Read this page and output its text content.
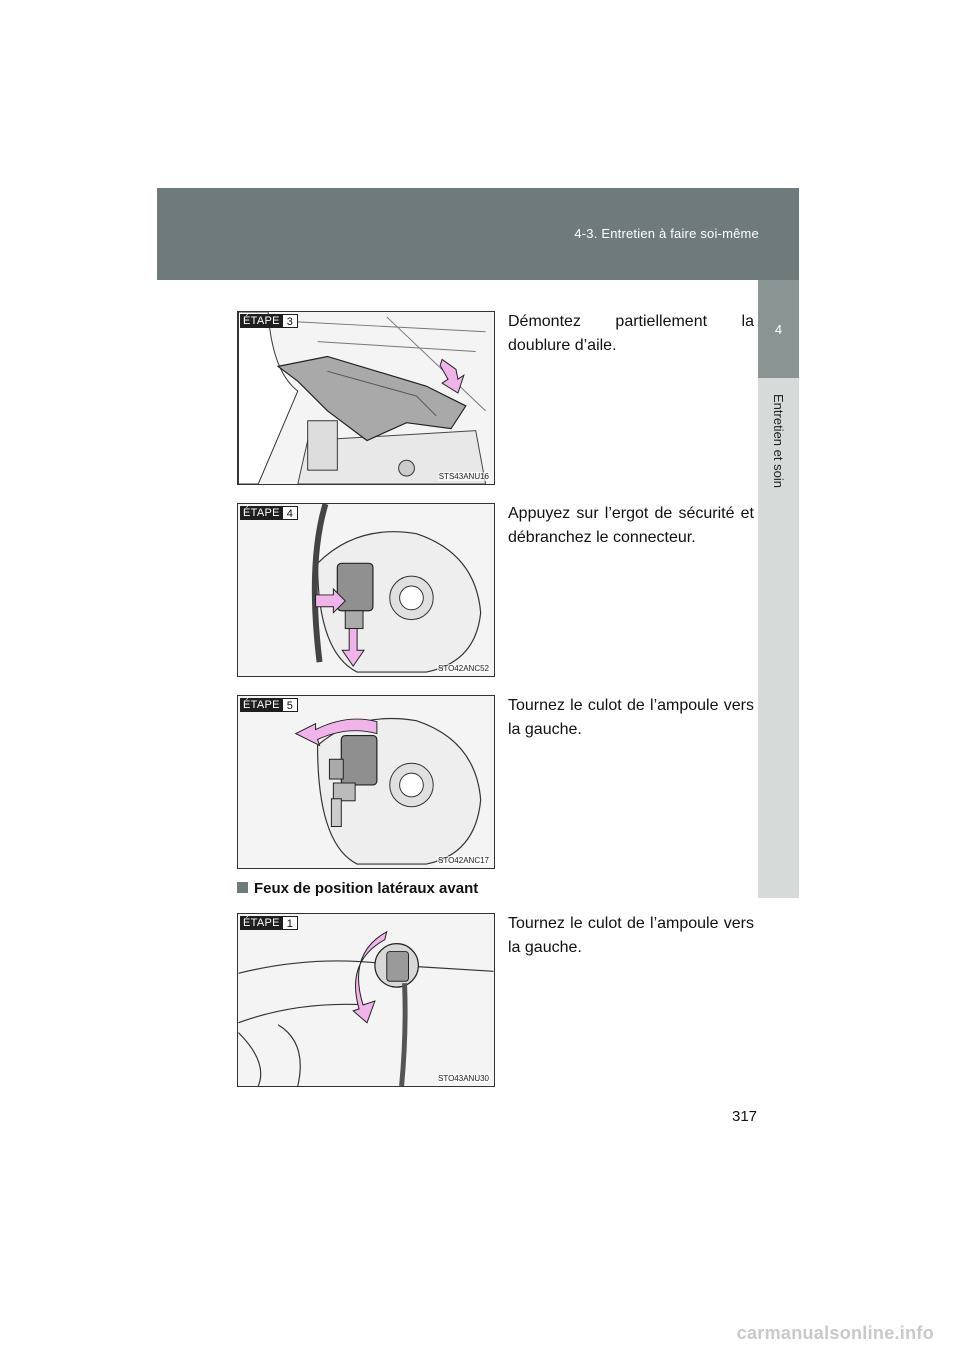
4-3. Entretien à faire soi-même
4
Entretien et soin
ÉTAPE 3
STS43ANU16
Démontez partiellement la doublure d’aile.
ÉTAPE 4
STO42ANC52
Appuyez sur l’ergot de sécurité et débranchez le connecteur.
ÉTAPE 5
STO42ANC17
Tournez le culot de l’ampoule vers la gauche.
Feux de position latéraux avant
ÉTAPE 1
STO43ANU30
Tournez le culot de l’ampoule vers la gauche.
317
carmanualsonline.info
